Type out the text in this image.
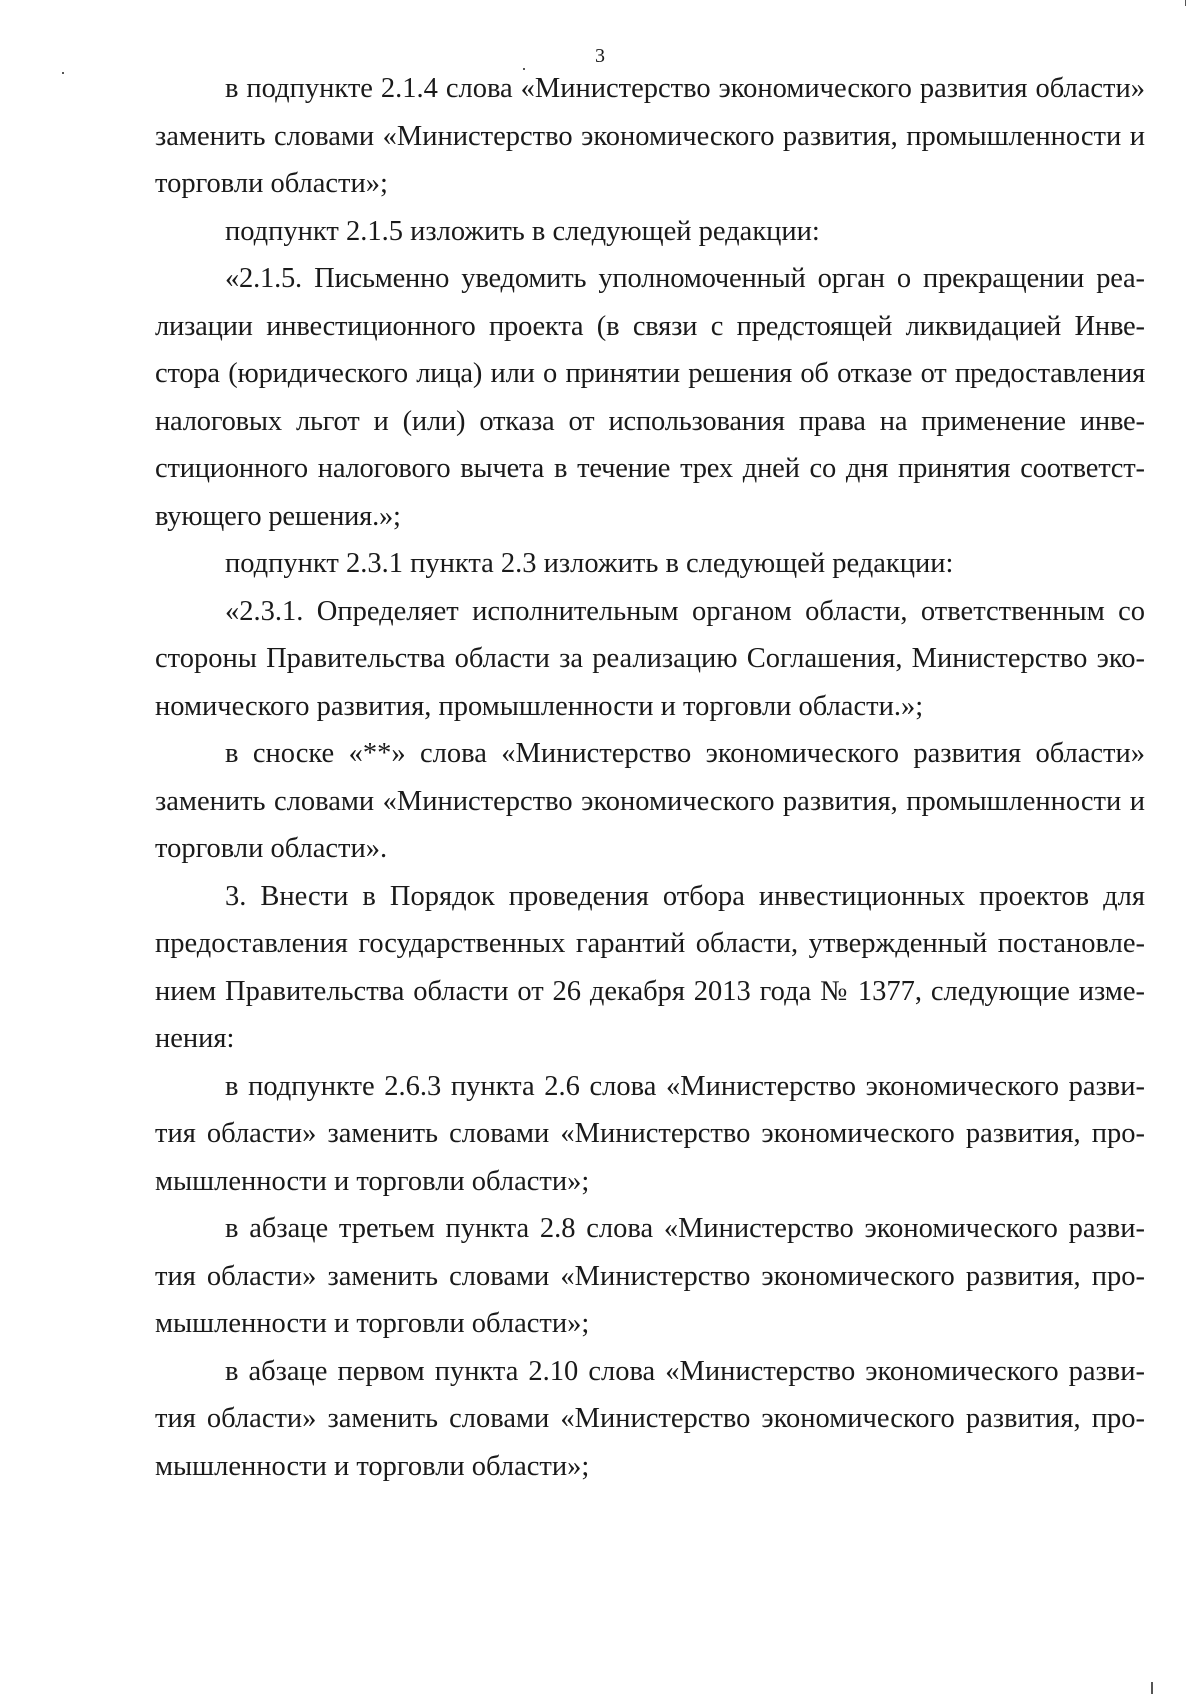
3

в подпункте 2.1.4 слова «Министерство экономического развития области» заменить словами «Министерство экономического развития, промышленности и торговли области»;

подпункт 2.1.5 изложить в следующей редакции:

«2.1.5. Письменно уведомить уполномоченный орган о прекращении реализации инвестиционного проекта (в связи с предстоящей ликвидацией Инвестора (юридического лица) или о принятии решения об отказе от предоставления налоговых льгот и (или) отказа от использования права на применение инвестиционного налогового вычета в течение трех дней со дня принятия соответствующего решения.»;

подпункт 2.3.1 пункта 2.3 изложить в следующей редакции:

«2.3.1. Определяет исполнительным органом области, ответственным со стороны Правительства области за реализацию Соглашения, Министерство экономического развития, промышленности и торговли области.»;

в сноске «**» слова «Министерство экономического развития области» заменить словами «Министерство экономического развития, промышленности и торговли области».

3. Внести в Порядок проведения отбора инвестиционных проектов для предоставления государственных гарантий области, утвержденный постановлением Правительства области от 26 декабря 2013 года № 1377, следующие изменения:

в подпункте 2.6.3 пункта 2.6 слова «Министерство экономического развития области» заменить словами «Министерство экономического развития, промышленности и торговли области»;

в абзаце третьем пункта 2.8 слова «Министерство экономического развития области» заменить словами «Министерство экономического развития, промышленности и торговли области»;

в абзаце первом пункта 2.10 слова «Министерство экономического развития области» заменить словами «Министерство экономического развития, промышленности и торговли области»;
